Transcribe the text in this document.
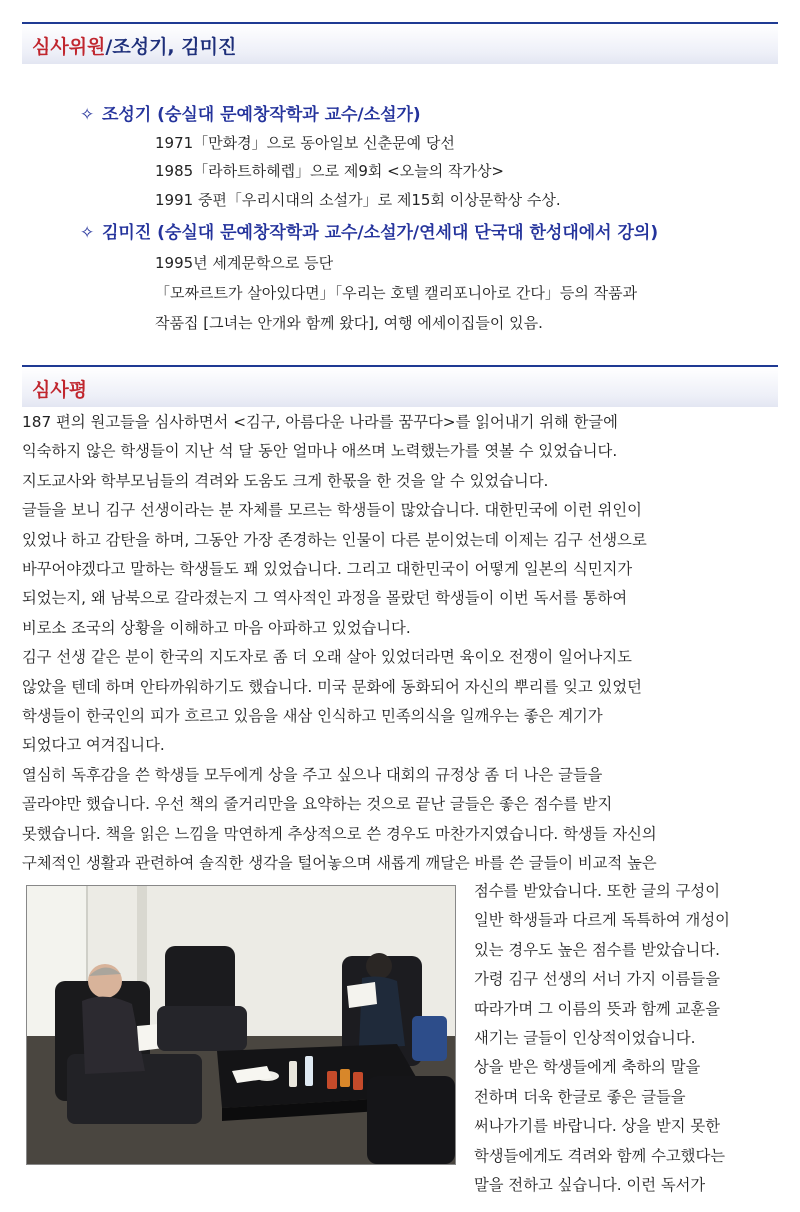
심사위원/조성기, 김미진
✧ 조성기 (숭실대 문예창작학과 교수/소설가)
1971「만화경」으로 동아일보 신춘문예 당선
1985「라하트하헤렙」으로 제9회 <오늘의 작가상>
1991 중편「우리시대의 소설가」로 제15회 이상문학상 수상.
✧ 김미진 (숭실대 문예창작학과 교수/소설가/연세대 단국대 한성대에서 강의)
1995년 세계문학으로 등단
「모짜르트가 살아있다면」「우리는 호텔 캘리포니아로 간다」등의 작품과
작품집 [그녀는 안개와 함께 왔다], 여행 에세이집들이 있음.
심사평
187 편의 원고들을 심사하면서 <김구, 아름다운 나라를 꿈꾸다>를 읽어내기 위해 한글에
익숙하지 않은 학생들이 지난 석 달 동안 얼마나 애쓰며 노력했는가를 엿볼 수 있었습니다.
지도교사와 학부모님들의 격려와 도움도 크게 한몫을 한 것을 알 수 있었습니다.
글들을 보니 김구 선생이라는 분 자체를 모르는 학생들이 많았습니다. 대한민국에 이런 위인이
있었나 하고 감탄을 하며, 그동안 가장 존경하는 인물이 다른 분이었는데 이제는 김구 선생으로
바꾸어야겠다고 말하는 학생들도 꽤 있었습니다. 그리고 대한민국이 어떻게 일본의 식민지가
되었는지, 왜 남북으로 갈라졌는지 그 역사적인 과정을 몰랐던 학생들이 이번 독서를 통하여
비로소 조국의 상황을 이해하고 마음 아파하고 있었습니다.
김구 선생 같은 분이 한국의 지도자로 좀 더 오래 살아 있었더라면 육이오 전쟁이 일어나지도
않았을 텐데 하며 안타까워하기도 했습니다. 미국 문화에 동화되어 자신의 뿌리를 잊고 있었던
학생들이 한국인의 피가 흐르고 있음을 새삼 인식하고 민족의식을 일깨우는 좋은 계기가
되었다고 여겨집니다.
열심히 독후감을 쓴 학생들 모두에게 상을 주고 싶으나 대회의 규정상 좀 더 나은 글들을
골라야만 했습니다. 우선 책의 줄거리만을 요약하는 것으로 끝난 글들은 좋은 점수를 받지
못했습니다. 책을 읽은 느낌을 막연하게 추상적으로 쓴 경우도 마찬가지였습니다. 학생들 자신의
구체적인 생활과 관련하여 솔직한 생각을 털어놓으며 새롭게 깨달은 바를 쓴 글들이 비교적 높은
점수를 받았습니다. 또한 글의 구성이
일반 학생들과 다르게 독특하여 개성이
있는 경우도 높은 점수를 받았습니다.
가령 김구 선생의 서너 가지 이름들을
따라가며 그 이름의 뜻과 함께 교훈을
새기는 글들이 인상적이었습니다.
상을 받은 학생들에게 축하의 말을
전하며 더욱 한글로 좋은 글들을
써나가기를 바랍니다. 상을 받지 못한
학생들에게도 격려와 함께 수고했다는
말을 전하고 싶습니다. 이런 독서가
